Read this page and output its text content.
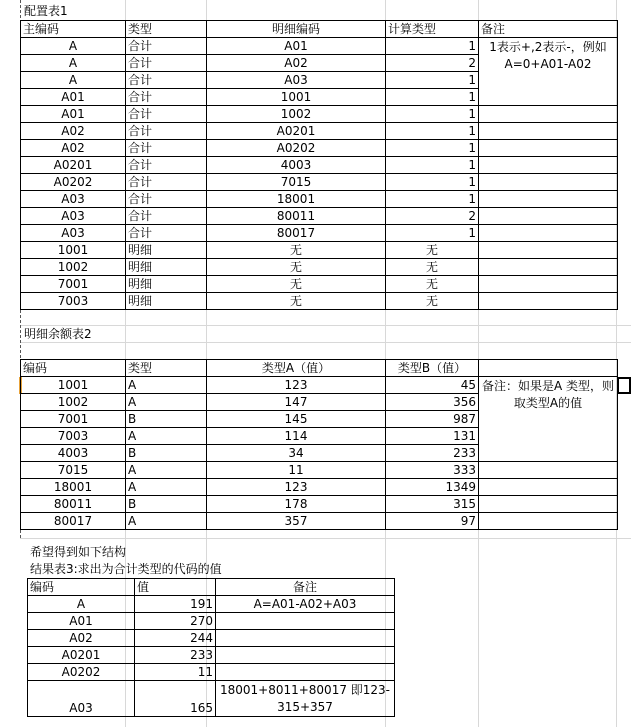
配置表1
主编码	类型	明细编码	计算类型	备注
A	合计	A01	1	1表示+,2表示-，例如A=0+A01-A02
A	合计	A02	2	
A	合计	A03	1	
A01	合计	1001	1	
A01	合计	1002	1	
A02	合计	A0201	1	
A02	合计	A0202	1	
A0201	合计	4003	1	
A0202	合计	7015	1	
A03	合计	18001	1	
A03	合计	80011	2	
A03	合计	80017	1	
1001	明细	无	无	
1002	明细	无	无	
7001	明细	无	无	
7003	明细	无	无	
明细余额表2
编码	类型	类型A（值）	类型B（值）	
1001	A	123	45	备注：如果是A 类型，则取类型A的值
1002	A	147	356	
7001	B	145	987	
7003	A	114	131	
4003	B	34	233	
7015	A	11	333	
18001	A	123	1349	
80011	B	178	315	
80017	A	357	97	
希望得到如下结构
结果表3:求出为合计类型的代码的值
编码	值	备注
A	191	A=A01-A02+A03
A01	270	
A02	244	
A0201	233	
A0202	11	
A03	165	18001+8011+80017 即123-315+357
